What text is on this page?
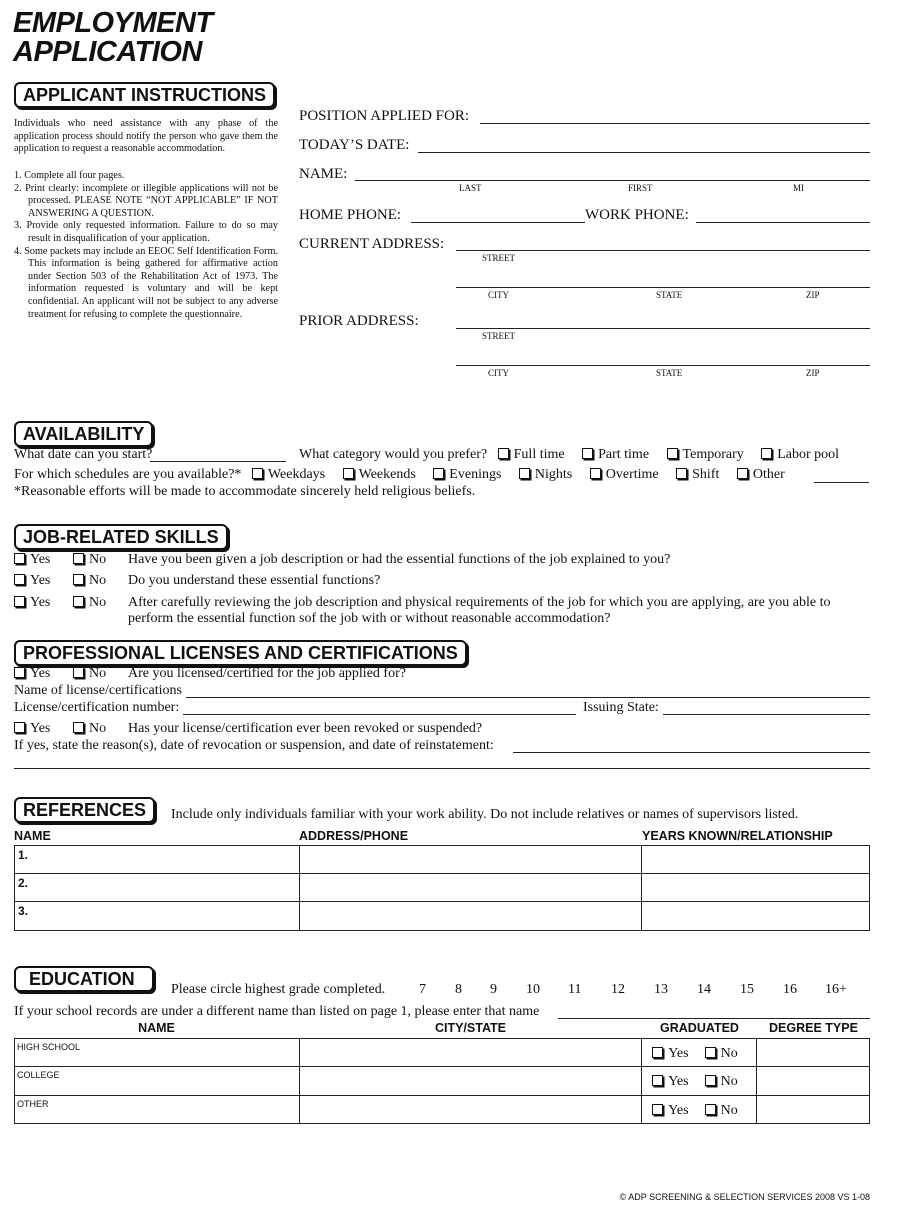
EMPLOYMENT
APPLICATION
APPLICANT INSTRUCTIONS
Individuals who need assistance with any phase of the application process should notify the person who gave them the application to request a reasonable accommodation.
1. Complete all four pages.
2. Print clearly: incomplete or illegible applications will not be processed. PLEASE NOTE “NOT APPLICABLE” IF NOT ANSWERING A QUESTION.
3. Provide only requested information. Failure to do so may result in disqualification of your application.
4. Some packets may include an EEOC Self Identification Form. This information is being gathered for affirmative action under Section 503 of the Rehabilitation Act of 1973. The information requested is voluntary and will be kept confidential. An applicant will not be subject to any adverse treatment for refusing to complete the questionnaire.
POSITION APPLIED FOR:
TODAY’S DATE:
NAME:
LAST	FIRST	MI
HOME PHONE:	WORK PHONE:
CURRENT ADDRESS:
STREET
CITY	STATE	ZIP
PRIOR ADDRESS:
STREET
CITY	STATE	ZIP
AVAILABILITY
What date can you start?	What category would you prefer? Full time Part time Temporary Labor pool
For which schedules are you available?* Weekdays Weekends Evenings Nights Overtime Shift Other
*Reasonable efforts will be made to accommodate sincerely held religious beliefs.
JOB-RELATED SKILLS
Yes	No Have you been given a job description or had the essential functions of the job explained to you?
Yes	No Do you understand these essential functions?
Yes	No After carefully reviewing the job description and physical requirements of the job for which you are applying, are you able to
perform the essential function sof the job with or without reasonable accommodation?
PROFESSIONAL LICENSES AND CERTIFICATIONS
Yes	No Are you licensed/certified for the job applied for?
Name of license/certifications
License/certification number:	Issuing State:
Yes	No Has your license/certification ever been revoked or suspended?
If yes, state the reason(s), date of revocation or suspension, and date of reinstatement:
REFERENCES	Include only individuals familiar with your work ability. Do not include relatives or names of supervisors listed.
NAME	ADDRESS/PHONE	YEARS KNOWN/RELATIONSHIP
1.		

2.		

3.		

EDUCATION
Please circle highest grade completed. 7 8 9 10 11 12 13 14 15 16 16+
If your school records are under a different name than listed on page 1, please enter that name
NAME	CITY/STATE	GRADUATED	DEGREE TYPE
HIGH SCHOOL		Yes No	

COLLEGE		Yes No	

OTHER		Yes No	
© ADP SCREENING & SELECTION SERVICES 2008 VS 1-08
